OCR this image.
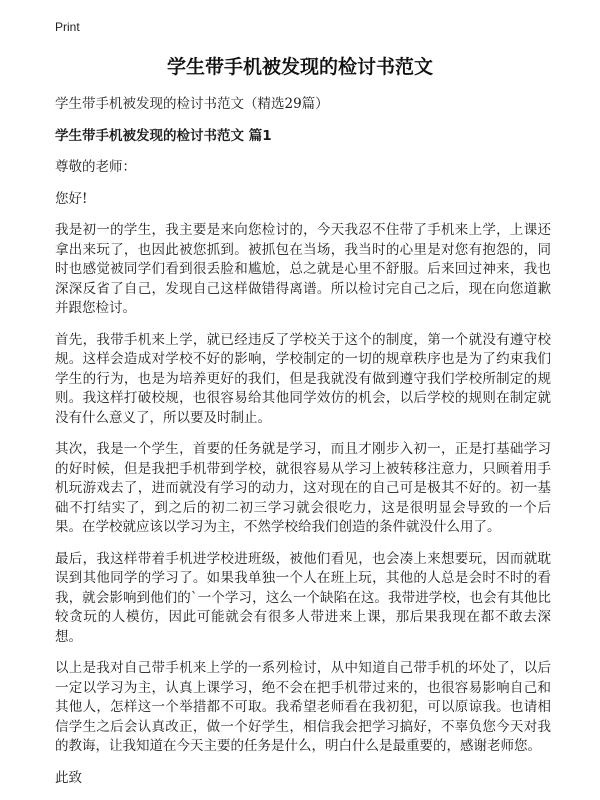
Print
学生带手机被发现的检讨书范文

学生带手机被发现的检讨书范文（精选29篇）

学生带手机被发现的检讨书范文 篇1

尊敬的老师：

您好!

我是初一的学生，我主要是来向您检讨的，今天我忍不住带了手机来上学，上课还拿出来玩了，也因此被您抓到。被抓包在当场，我当时的心里是对您有抱怨的，同时也感觉被同学们看到很丢脸和尴尬，总之就是心里不舒服。后来回过神来，我也深深反省了自己，发现自己这样做错得离谱。所以检讨完自己之后，现在向您道歉并跟您检讨。

首先，我带手机来上学，就已经违反了学校关于这个的制度，第一个就没有遵守校规。这样会造成对学校不好的影响，学校制定的一切的规章秩序也是为了约束我们学生的行为，也是为培养更好的我们，但是我就没有做到遵守我们学校所制定的规则。我这样打破校规，也很容易给其他同学效仿的机会，以后学校的规则在制定就没有什么意义了，所以要及时制止。

其次，我是一个学生，首要的任务就是学习，而且才刚步入初一，正是打基础学习的好时候，但是我把手机带到学校，就很容易从学习上被转移注意力，只顾着用手机玩游戏去了，进而就没有学习的动力，这对现在的自己可是极其不好的。初一基础不打结实了，到之后的初二初三学习就会很吃力，这是很明显会导致的一个后果。在学校就应该以学习为主，不然学校给我们创造的条件就没什么用了。

最后，我这样带着手机进学校进班级，被他们看见，也会凑上来想要玩，因而就耽误到其他同学的学习了。如果我单独一个人在班上玩，其他的人总是会时不时的看我，就会影响到他们的`一个学习，这么一个缺陷在这。我带进学校，也会有其他比较贪玩的人模仿，因此可能就会有很多人带进来上课，那后果我现在都不敢去深想。

以上是我对自己带手机来上学的一系列检讨，从中知道自己带手机的坏处了，以后一定以学习为主，认真上课学习，绝不会在把手机带过来的，也很容易影响自己和其他人，怎样这一个举措都不可取。我希望老师看在我初犯，可以原谅我。也请相信学生之后会认真改正，做一个好学生，相信我会把学习搞好，不辜负您今天对我的教诲，让我知道在今天主要的任务是什么，明白什么是最重要的，感谢老师您。

此致
